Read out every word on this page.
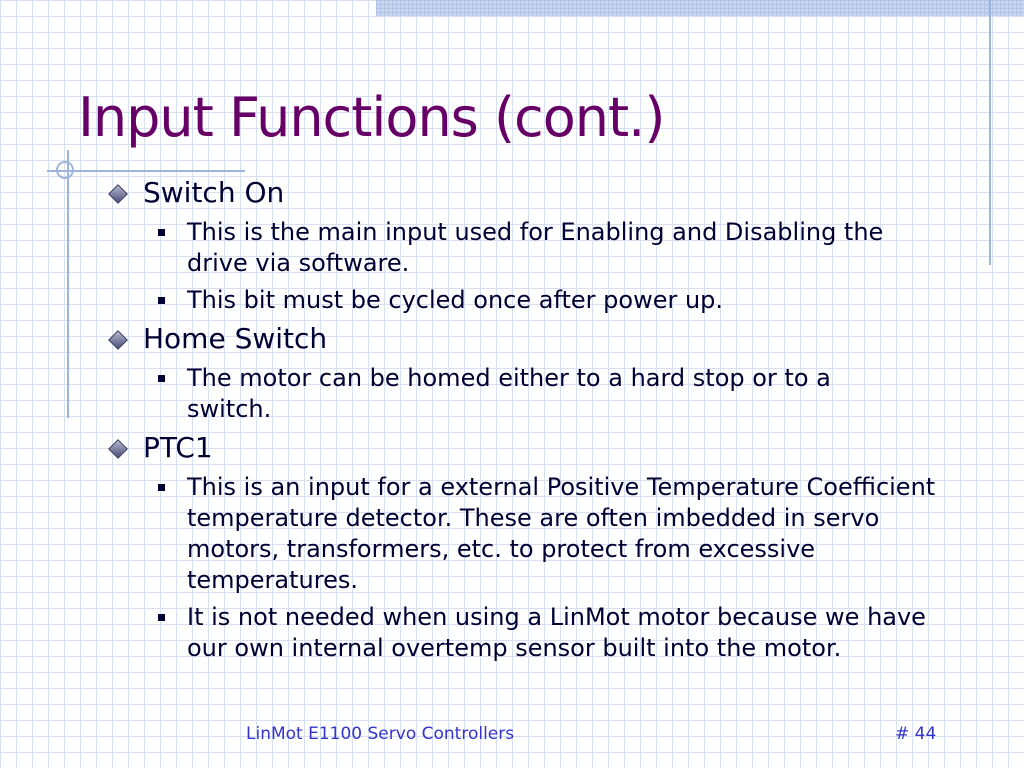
Input Functions (cont.)
Switch On
This is the main input used for Enabling and Disabling the drive via software.
This bit must be cycled once after power up.
Home Switch
The motor can be homed either to a hard stop or to a switch.
PTC1
This is an input for a external Positive Temperature Coefficient temperature detector. These are often imbedded in servo motors, transformers, etc. to protect from excessive temperatures.
It is not needed when using a LinMot motor because we have our own internal overtemp sensor built into the motor.
LinMot E1100 Servo Controllers	# 44
